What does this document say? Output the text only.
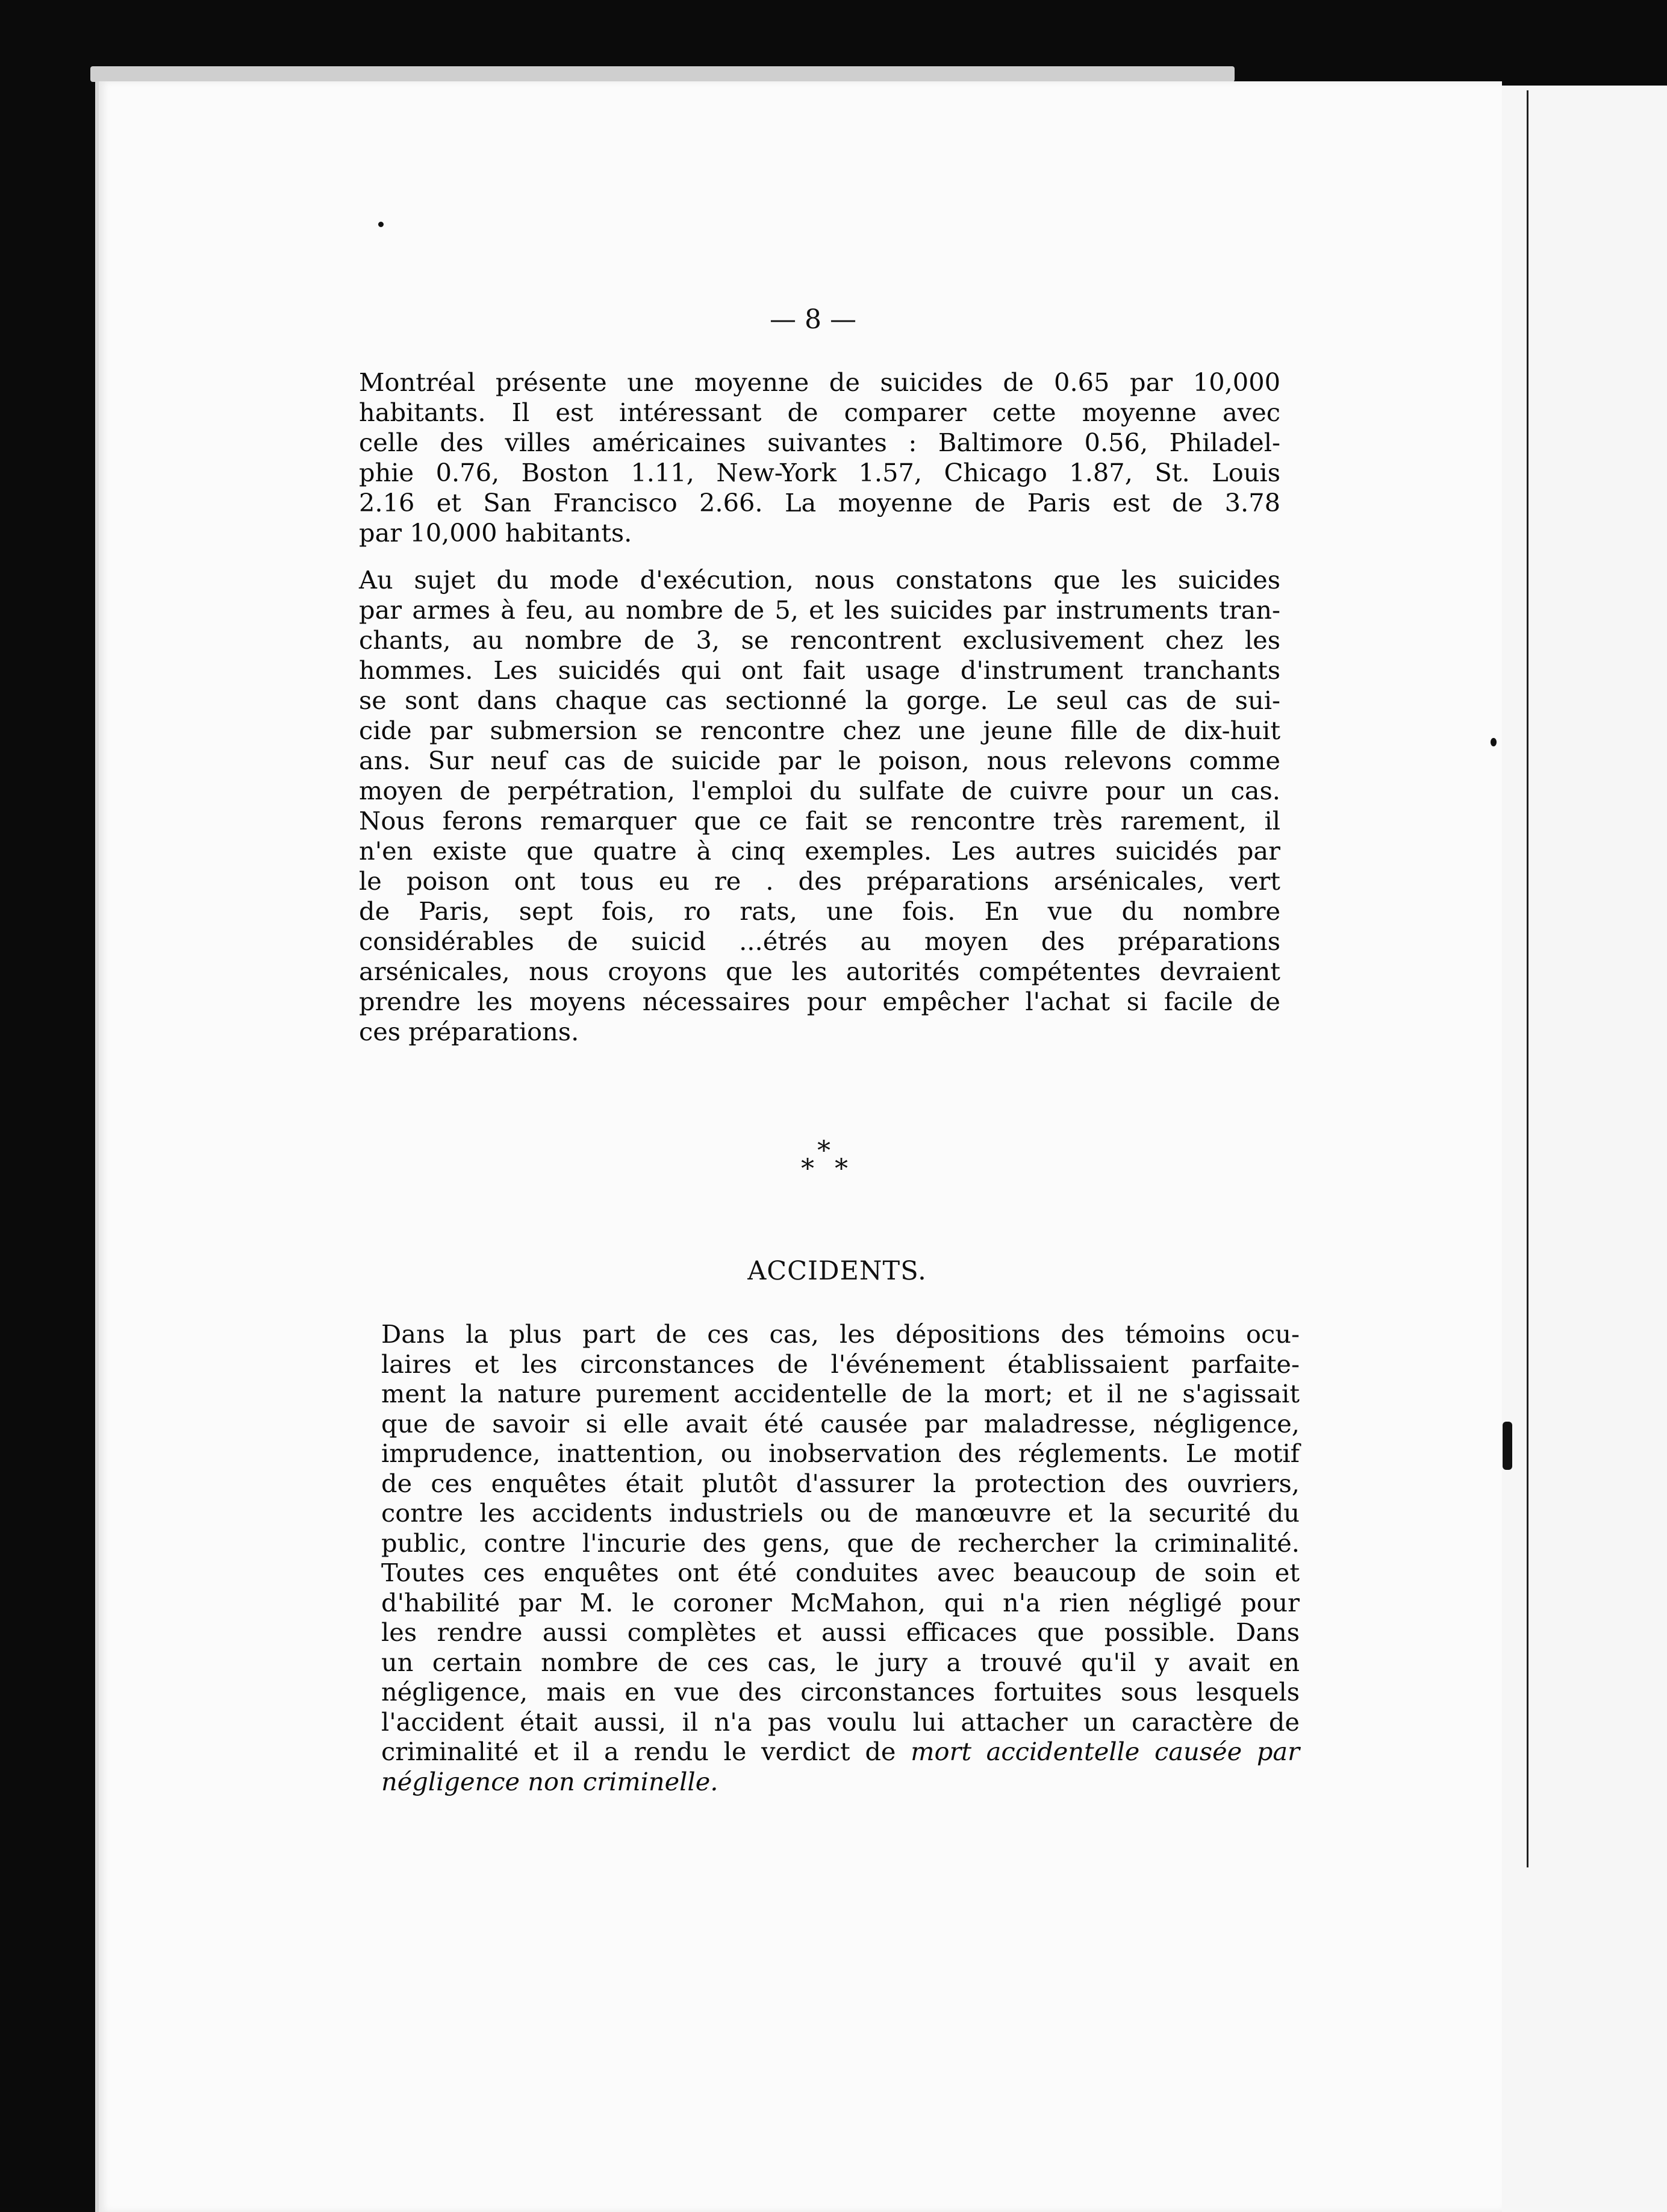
— 8 —
Montréal présente une moyenne de suicides de 0.65 par 10,000
habitants. Il est intéressant de comparer cette moyenne avec
celle des villes américaines suivantes : Baltimore 0.56, Philadel-
phie 0.76, Boston 1.11, New-York 1.57, Chicago 1.87, St. Louis
2.16 et San Francisco 2.66. La moyenne de Paris est de 3.78
par 10,000 habitants.
Au sujet du mode d'exécution, nous constatons que les suicides
par armes à feu, au nombre de 5, et les suicides par instruments tran-
chants, au nombre de 3, se rencontrent exclusivement chez les
hommes. Les suicidés qui ont fait usage d'instrument tranchants
se sont dans chaque cas sectionné la gorge. Le seul cas de sui-
cide par submersion se rencontre chez une jeune fille de dix-huit
ans. Sur neuf cas de suicide par le poison, nous relevons comme
moyen de perpétration, l'emploi du sulfate de cuivre pour un cas.
Nous ferons remarquer que ce fait se rencontre très rarement, il
n'en existe que quatre à cinq exemples. Les autres suicidés par
le poison ont tous eu re . des préparations arsénicales, vert
de Paris, sept fois, ro rats, une fois. En vue du nombre
considérables de suicid ...étrés au moyen des préparations
arsénicales, nous croyons que les autorités compétentes devraient
prendre les moyens nécessaires pour empêcher l'achat si facile de
ces préparations.
*
* *
ACCIDENTS.
Dans la plus part de ces cas, les dépositions des témoins ocu-
laires et les circonstances de l'événement établissaient parfaite-
ment la nature purement accidentelle de la mort; et il ne s'agissait
que de savoir si elle avait été causée par maladresse, négligence,
imprudence, inattention, ou inobservation des réglements. Le motif
de ces enquêtes était plutôt d'assurer la protection des ouvriers,
contre les accidents industriels ou de manœuvre et la securité du
public, contre l'incurie des gens, que de rechercher la criminalité.
Toutes ces enquêtes ont été conduites avec beaucoup de soin et
d'habilité par M. le coroner McMahon, qui n'a rien négligé pour
les rendre aussi complètes et aussi efficaces que possible. Dans
un certain nombre de ces cas, le jury a trouvé qu'il y avait en
négligence, mais en vue des circonstances fortuites sous lesquels
l'accident était aussi, il n'a pas voulu lui attacher un caractère de
criminalité et il a rendu le verdict de mort accidentelle causée par
négligence non criminelle.
